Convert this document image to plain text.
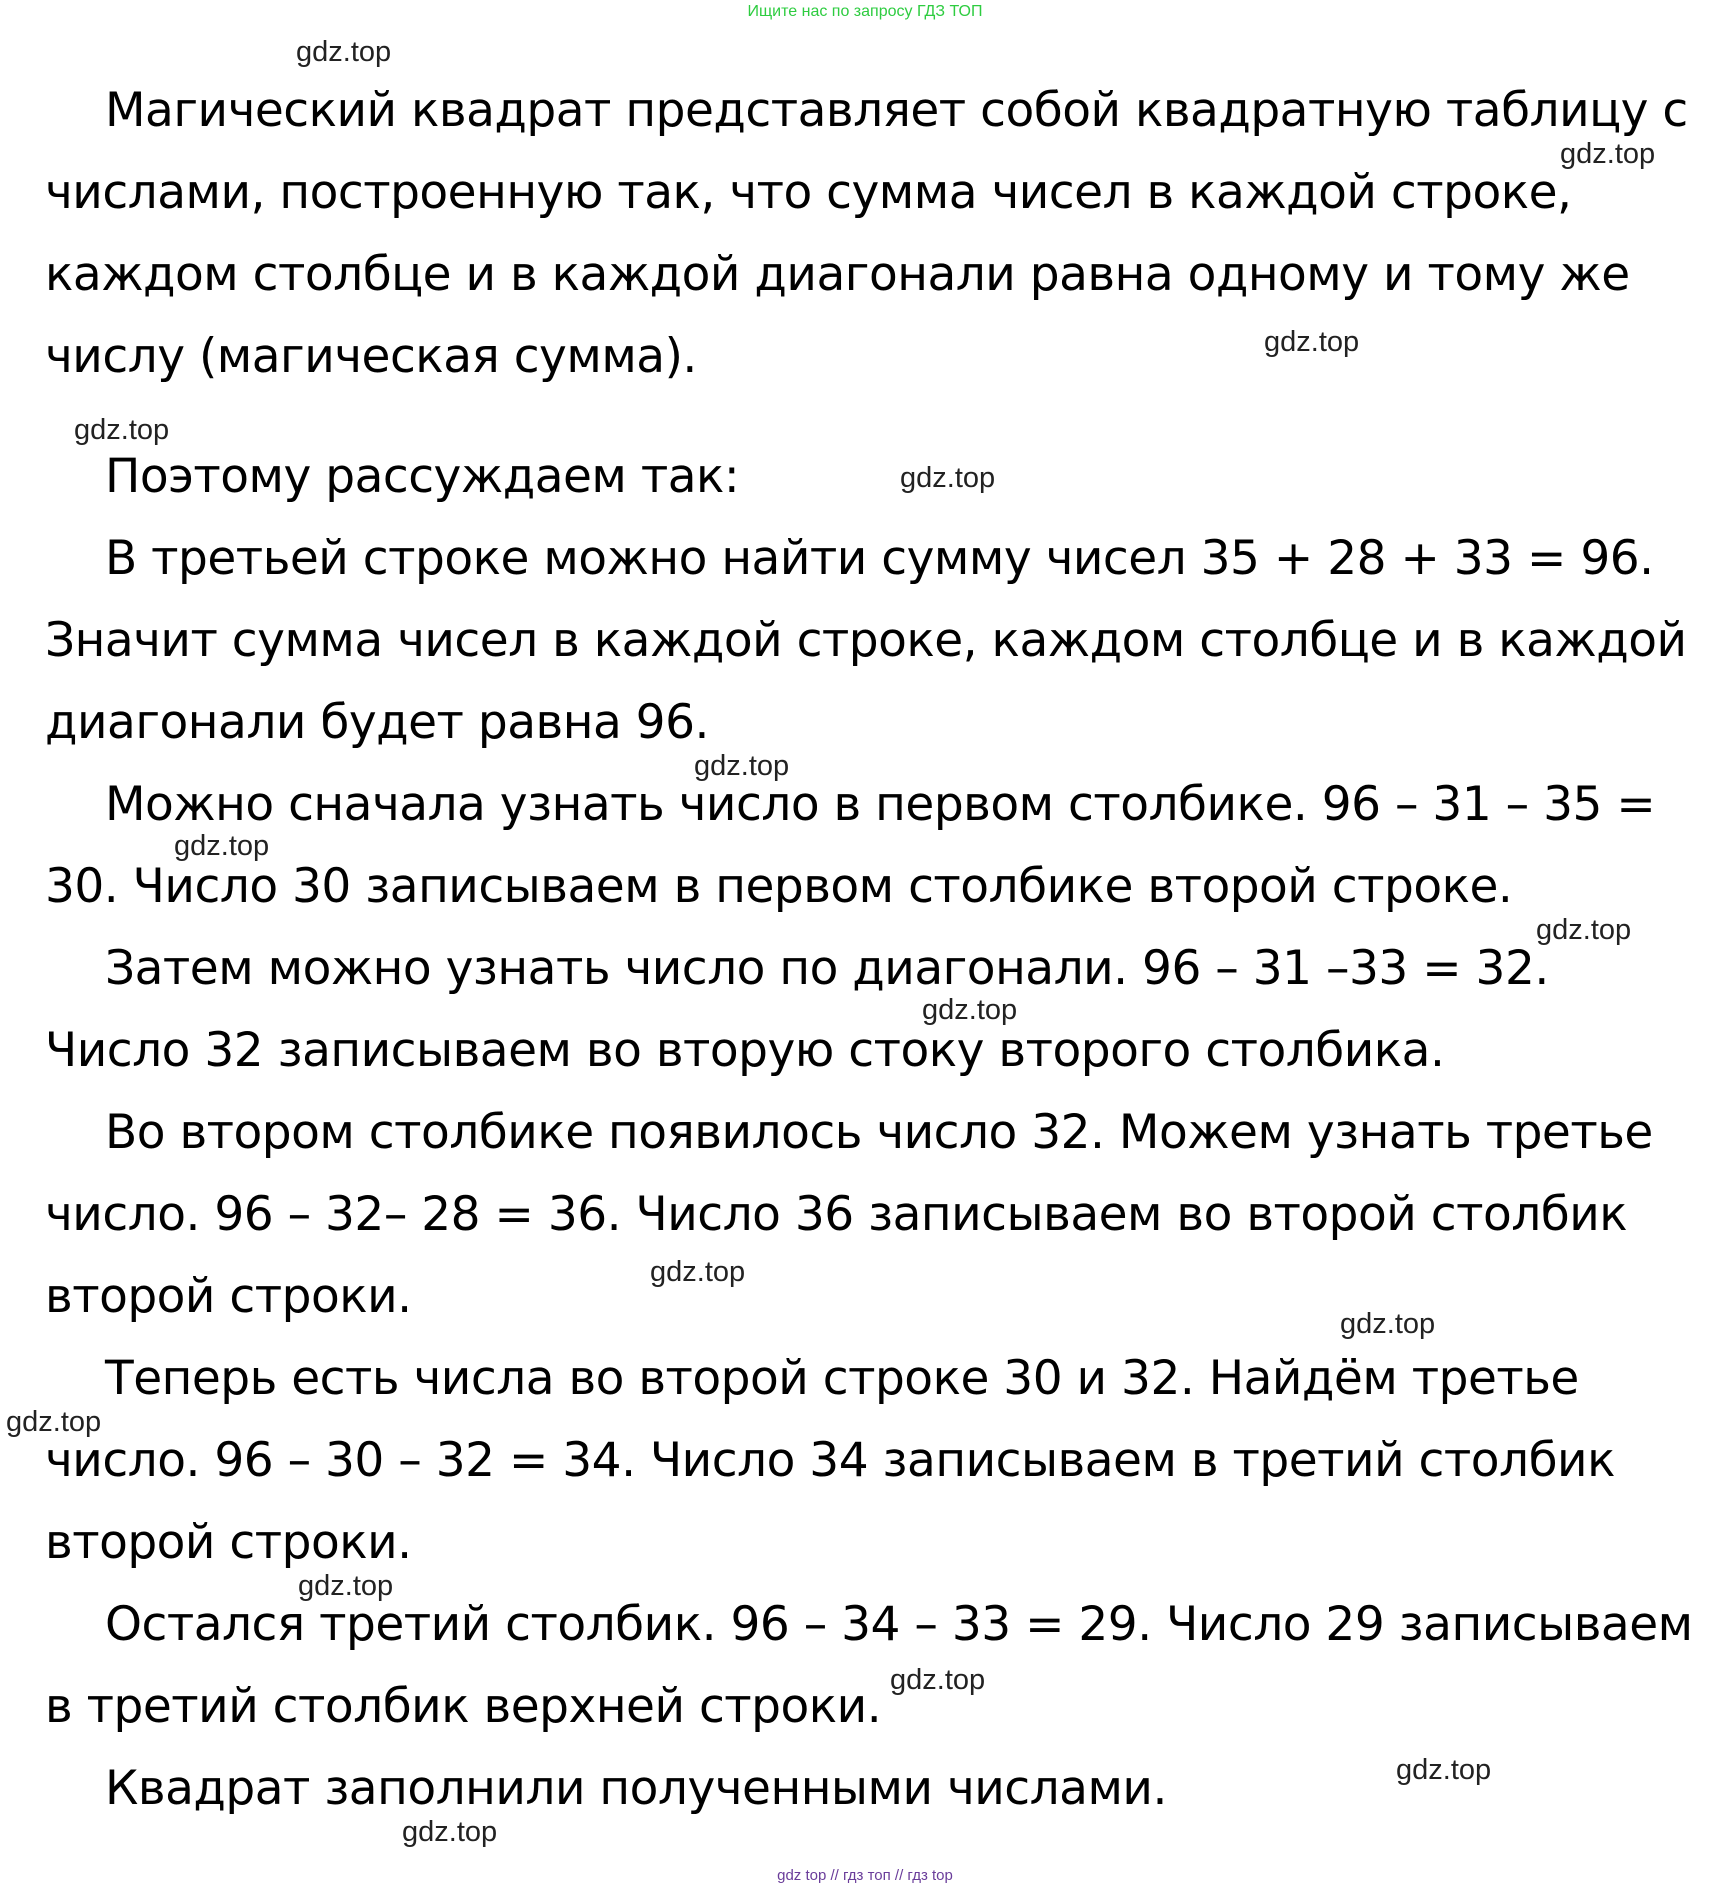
Ищите нас по запросу ГДЗ ТОП

Магический квадрат представляет собой квадратную таблицу с числами, построенную так, что сумма чисел в каждой строке, каждом столбце и в каждой диагонали равна одному и тому же числу (магическая сумма).

Поэтому рассуждаем так:

В третьей строке можно найти сумму чисел 35 + 28 + 33 = 96. Значит сумма чисел в каждой строке, каждом столбце и в каждой диагонали будет равна 96.

Можно сначала узнать число в первом столбике. 96 – 31 – 35 = 30. Число 30 записываем в первом столбике второй строке.

Затем можно узнать число по диагонали. 96 – 31 –33 = 32. Число 32 записываем во вторую стоку второго столбика.

Во втором столбике появилось число 32. Можем узнать третье число. 96 – 32– 28 = 36. Число 36 записываем во второй столбик второй строки.

Теперь есть числа во второй строке 30 и 32. Найдём третье число. 96 – 30 – 32 = 34. Число 34 записываем в третий столбик второй строки.

Остался третий столбик. 96 – 34 – 33 = 29. Число 29 записываем в третий столбик верхней строки.

Квадрат заполнили полученными числами.

gdz.top
gdz.top
gdz.top
gdz.top
gdz.top
gdz.top
gdz.top
gdz.top
gdz.top
gdz.top
gdz.top
gdz.top
gdz.top
gdz.top
gdz.top
gdz.top
gdz top // гдз топ // гдз top
